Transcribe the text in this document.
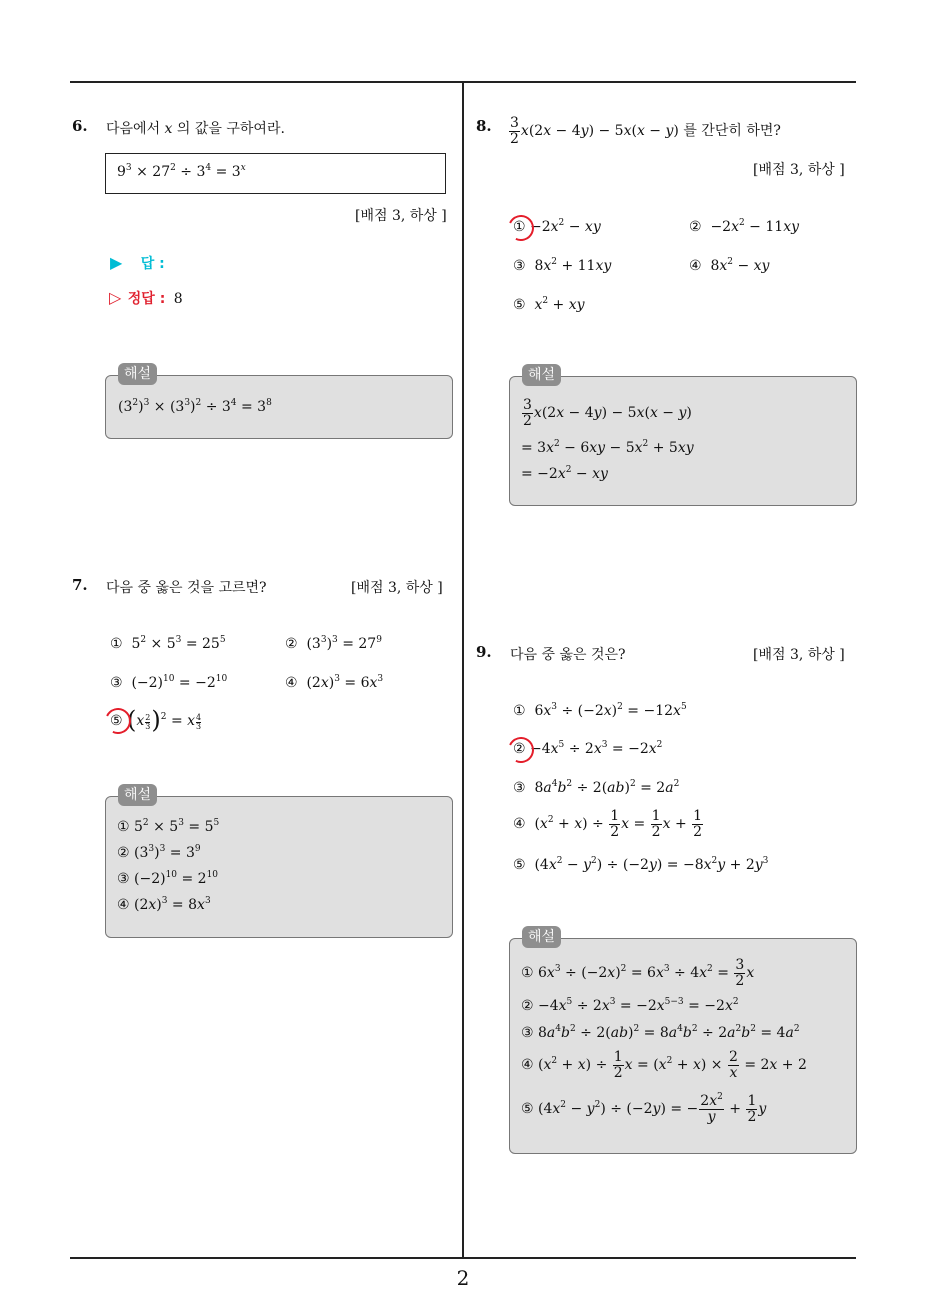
6. 다음에서 x 의 값을 구하여라.
$9^3 \times 27^2 \div 3^4 = 3^x$
[배점 3, 하상 ]
▶ 답 :
▷ 정답 : 8
해설
$(3^2)^3 \times (3^3)^2 \div 3^4 = 3^8$
7. 다음 중 옳은 것을 고르면?	[배점 3, 하상 ]
①  $5^2 \times 5^3 = 25^5$	②  $(3^3)^3 = 27^9$
③  $(-2)^{10} = -2^{10}$	④  $(2x)^3 = 6x^3$
⑤ $(x \frac{2}{3} )^2 = x \frac{4}{3}$
해설
① $5^2 \times 5^3 = 5^5$
② $(3^3)^3 = 3^9$
③ $(-2)^{10} = 2^{10}$
④ $(2x)^3 = 8x^3$
8. $\frac{3}{2} x(2x - 4y) - 5x(x - y)$ 를 간단히 하면?
[배점 3, 하상 ]
① $-2x^2$ − xy	②  $-2x^2 - 11xy$
③  $8x^2 + 11xy$	④  $8x^2$ − xy
⑤  $x^2$ + xy
해설
$\frac{3}{2} x(2x - 4y) - 5x(x - y)$
= $3x^2 - 6xy - 5x^2 + 5xy$
= $-2x^2$ − xy
9. 다음 중 옳은 것은?	[배점 3, 하상 ]
①  $6x^3 \div (-2x)^2 = -12x^5$
② $-4x^5 \div 2x^3 = -2x^2$
③  $8a^4b^2 \div 2(ab)^2 = 2a^2$
④  $(x^2 + x) \div \frac{1}{2}$ $x = \frac{1}{2}$ $x + \frac{1}{2}$
⑤  $(4x^2 - y^2) \div (-2y) = -8x^2y + 2y^3$
해설
① $6x^3 \div (-2x)^2 = 6x^3 \div 4x^2 = \frac{3}{2}$ x
② $-4x^5 \div 2x^3 = -2x^{5-3} = -2x^2$
③ $8a^4b^2 \div 2(ab)^2 = 8a^4b^2 \div 2a^2b^2 = 4a^2$
④ $(x^2 + x) \div \frac{1}{2}$ $x = (x^2 + x) \times \frac{2}{x} = 2x + 2$
⑤ $(4x^2 - y^2) \div (-2y)$ = − $\frac{2x^2}{y} + \frac{1}{2}$ y
2
